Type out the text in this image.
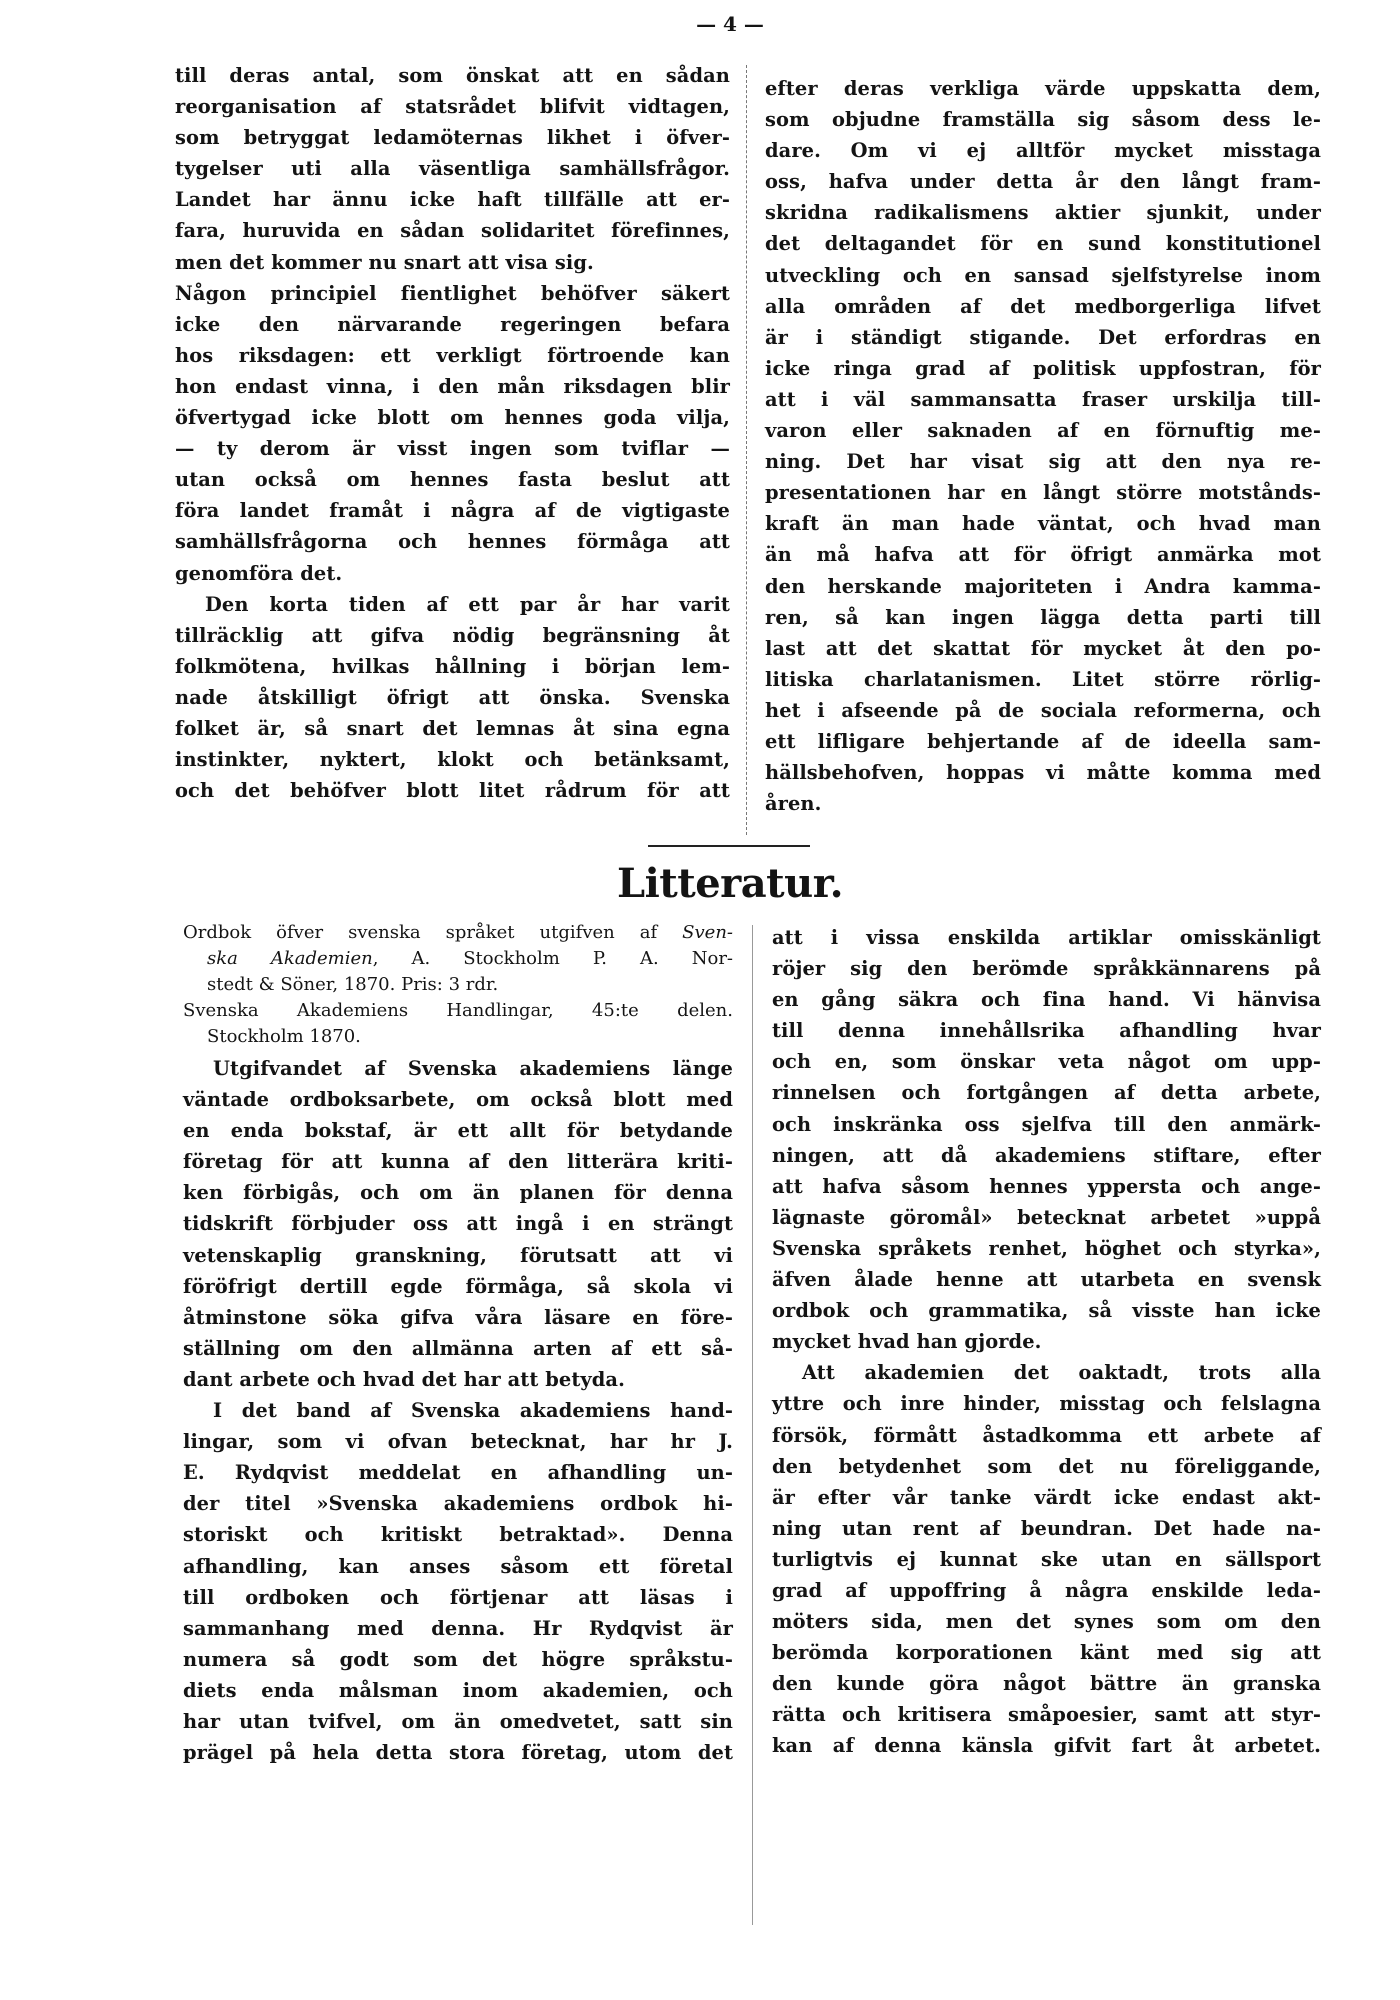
— 4 —
till deras antal, som önskat att en sådan
reorganisation af statsrådet blifvit vidtagen,
som betryggat ledamöternas likhet i öfver-
tygelser uti alla väsentliga samhällsfrågor.
Landet har ännu icke haft tillfälle att er-
fara, huruvida en sådan solidaritet förefinnes,
men det kommer nu snart att visa sig.
Någon principiel fientlighet behöfver säkert
icke den närvarande regeringen befara
hos riksdagen: ett verkligt förtroende kan
hon endast vinna, i den mån riksdagen blir
öfvertygad icke blott om hennes goda vilja,
— ty derom är visst ingen som tviflar —
utan också om hennes fasta beslut att
föra landet framåt i några af de vigtigaste
samhällsfrågorna och hennes förmåga att
genomföra det.
Den korta tiden af ett par år har varit
tillräcklig att gifva nödig begränsning åt
folkmötena, hvilkas hållning i början lem-
nade åtskilligt öfrigt att önska. Svenska
folket är, så snart det lemnas åt sina egna
instinkter, nyktert, klokt och betänksamt,
och det behöfver blott litet rådrum för att
efter deras verkliga värde uppskatta dem,
som objudne framställa sig såsom dess le-
dare. Om vi ej alltför mycket misstaga
oss, hafva under detta år den långt fram-
skridna radikalismens aktier sjunkit, under
det deltagandet för en sund konstitutionel
utveckling och en sansad sjelfstyrelse inom
alla områden af det medborgerliga lifvet
är i ständigt stigande. Det erfordras en
icke ringa grad af politisk uppfostran, för
att i väl sammansatta fraser urskilja till-
varon eller saknaden af en förnuftig me-
ning. Det har visat sig att den nya re-
presentationen har en långt större motstånds-
kraft än man hade väntat, och hvad man
än må hafva att för öfrigt anmärka mot
den herskande majoriteten i Andra kamma-
ren, så kan ingen lägga detta parti till
last att det skattat för mycket åt den po-
litiska charlatanismen. Litet större rörlig-
het i afseende på de sociala reformerna, och
ett lifligare behjertande af de ideella sam-
hällsbehofven, hoppas vi måtte komma med
åren.
Litteratur.
Ordbok öfver svenska språket utgifven af Sven-
ska Akademien, A. Stockholm P. A. Nor-
stedt & Söner, 1870. Pris: 3 rdr.
Svenska Akademiens Handlingar, 45:te delen.
Stockholm 1870.
Utgifvandet af Svenska akademiens länge
väntade ordboksarbete, om också blott med
en enda bokstaf, är ett allt för betydande
företag för att kunna af den litterära kriti-
ken förbigås, och om än planen för denna
tidskrift förbjuder oss att ingå i en strängt
vetenskaplig granskning, förutsatt att vi
föröfrigt dertill egde förmåga, så skola vi
åtminstone söka gifva våra läsare en före-
ställning om den allmänna arten af ett så-
dant arbete och hvad det har att betyda.
I det band af Svenska akademiens hand-
lingar, som vi ofvan betecknat, har hr J.
E. Rydqvist meddelat en afhandling un-
der titel »Svenska akademiens ordbok hi-
storiskt och kritiskt betraktad». Denna
afhandling, kan anses såsom ett företal
till ordboken och förtjenar att läsas i
sammanhang med denna. Hr Rydqvist är
numera så godt som det högre språkstu-
diets enda målsman inom akademien, och
har utan tvifvel, om än omedvetet, satt sin
prägel på hela detta stora företag, utom det
att i vissa enskilda artiklar omisskänligt
röjer sig den berömde språkkännarens på
en gång säkra och fina hand. Vi hänvisa
till denna innehållsrika afhandling hvar
och en, som önskar veta något om upp-
rinnelsen och fortgången af detta arbete,
och inskränka oss sjelfva till den anmärk-
ningen, att då akademiens stiftare, efter
att hafva såsom hennes yppersta och ange-
lägnaste göromål» betecknat arbetet »uppå
Svenska språkets renhet, höghet och styrka»,
äfven ålade henne att utarbeta en svensk
ordbok och grammatika, så visste han icke
mycket hvad han gjorde.
Att akademien det oaktadt, trots alla
yttre och inre hinder, misstag och felslagna
försök, förmått åstadkomma ett arbete af
den betydenhet som det nu föreliggande,
är efter vår tanke värdt icke endast akt-
ning utan rent af beundran. Det hade na-
turligtvis ej kunnat ske utan en sällsport
grad af uppoffring å några enskilde leda-
möters sida, men det synes som om den
berömda korporationen känt med sig att
den kunde göra något bättre än granska
rätta och kritisera småpoesier, samt att styr-
kan af denna känsla gifvit fart åt arbetet.
